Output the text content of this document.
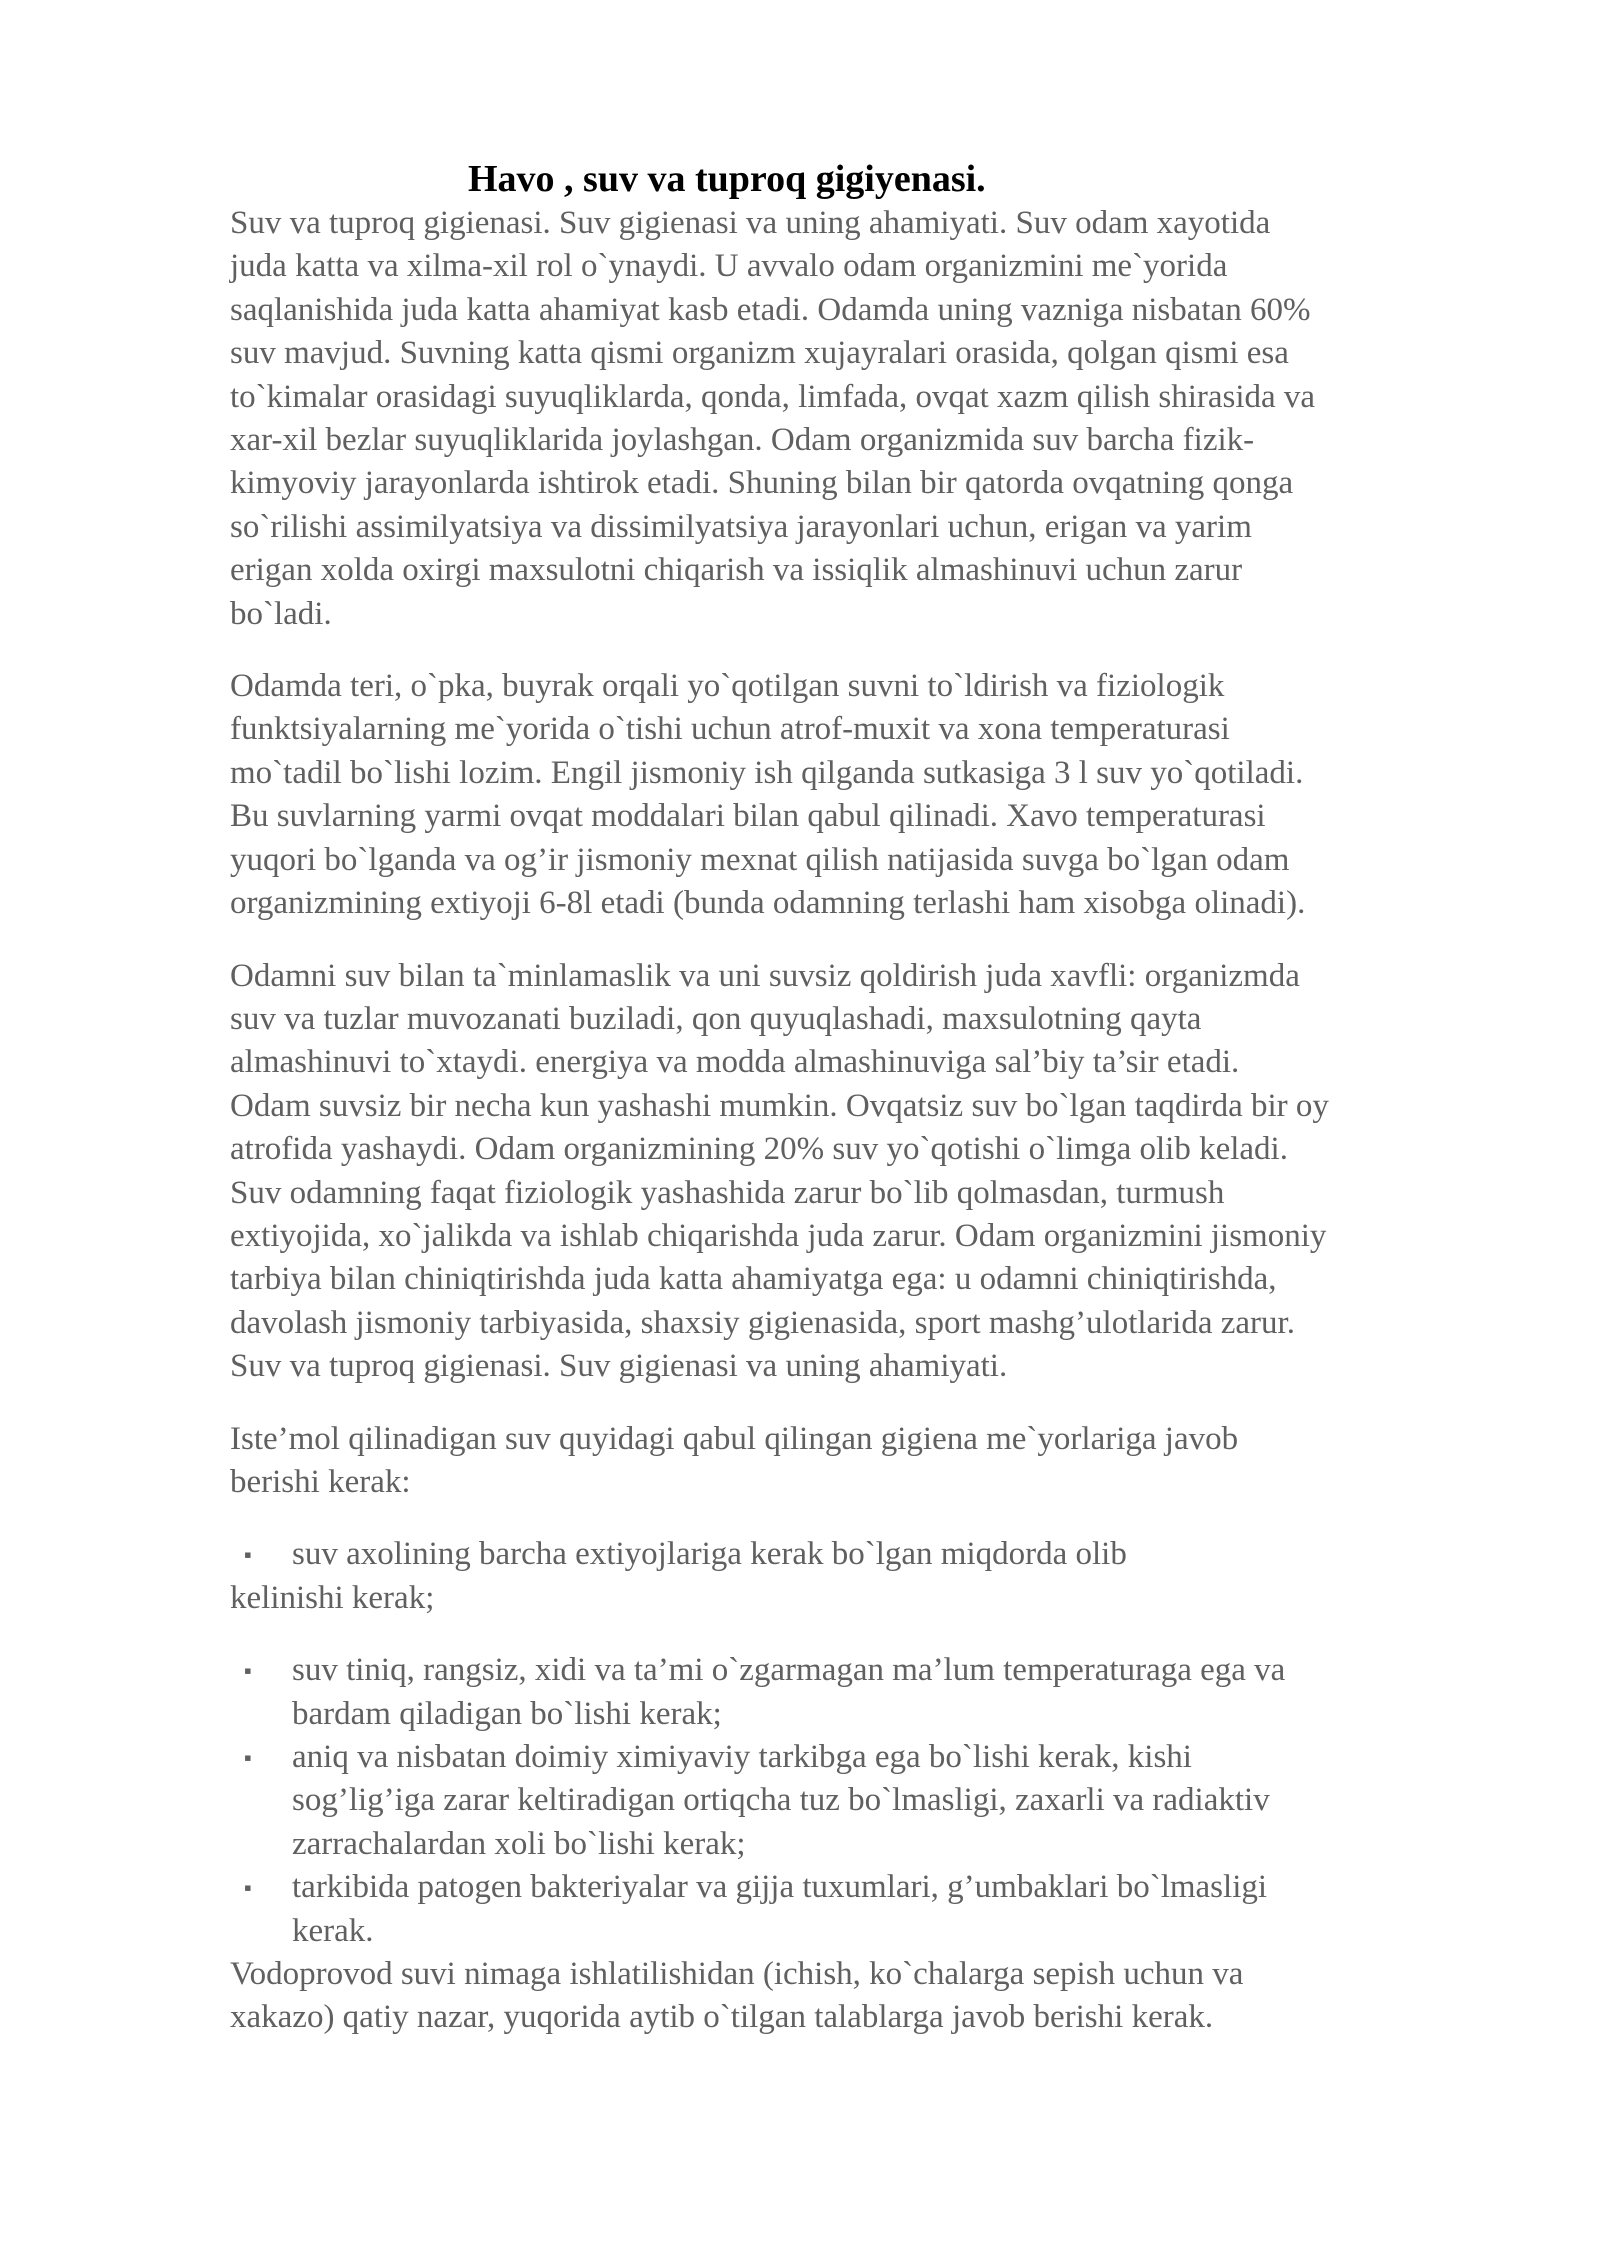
Havo , suv va tuproq gigiyenasi.

Suv va tuproq gigienasi. Suv gigienasi va uning ahamiyati. Suv odam xayotida
juda katta va xilma-xil rol o`ynaydi. U avvalo odam organizmini me`yorida
saqlanishida juda katta ahamiyat kasb etadi. Odamda uning vazniga nisbatan 60%
suv mavjud. Suvning katta qismi organizm xujayralari orasida, qolgan qismi esa
to`kimalar orasidagi suyuqliklarda, qonda, limfada, ovqat xazm qilish shirasida va
xar-xil bezlar suyuqliklarida joylashgan. Odam organizmida suv barcha fizik-
kimyoviy jarayonlarda ishtirok etadi. Shuning bilan bir qatorda ovqatning qonga
so`rilishi assimilyatsiya va dissimilyatsiya jarayonlari uchun, erigan va yarim
erigan xolda oxirgi maxsulotni chiqarish va issiqlik almashinuvi uchun zarur
bo`ladi.

Odamda teri, o`pka, buyrak orqali yo`qotilgan suvni to`ldirish va fiziologik
funktsiyalarning me`yorida o`tishi uchun atrof-muxit va xona temperaturasi
mo`tadil bo`lishi lozim. Engil jismoniy ish qilganda sutkasiga 3 l suv yo`qotiladi.
Bu suvlarning yarmi ovqat moddalari bilan qabul qilinadi. Xavo temperaturasi
yuqori bo`lganda va og’ir jismoniy mexnat qilish natijasida suvga bo`lgan odam
organizmining extiyoji 6-8l etadi (bunda odamning terlashi ham xisobga olinadi).

Odamni suv bilan ta`minlamaslik va uni suvsiz qoldirish juda xavfli: organizmda
suv va tuzlar muvozanati buziladi, qon quyuqlashadi, maxsulotning qayta
almashinuvi to`xtaydi. energiya va modda almashinuviga sal’biy ta’sir etadi.
Odam suvsiz bir necha kun yashashi mumkin. Ovqatsiz suv bo`lgan taqdirda bir oy
atrofida yashaydi. Odam organizmining 20% suv yo`qotishi o`limga olib keladi.
Suv odamning faqat fiziologik yashashida zarur bo`lib qolmasdan, turmush
extiyojida, xo`jalikda va ishlab chiqarishda juda zarur. Odam organizmini jismoniy
tarbiya bilan chiniqtirishda juda katta ahamiyatga ega: u odamni chiniqtirishda,
davolash jismoniy tarbiyasida, shaxsiy gigienasida, sport mashg’ulotlarida zarur.
Suv va tuproq gigienasi. Suv gigienasi va uning ahamiyati.

Iste’mol qilinadigan suv quyidagi qabul qilingan gigiena me`yorlariga javob
berishi kerak:

▪	suv axolining barcha extiyojlariga kerak bo`lgan miqdorda olib
kelinishi kerak;
▪ suv tiniq, rangsiz, xidi va ta’mi o`zgarmagan ma’lum temperaturaga ega va
bardam qiladigan bo`lishi kerak;
▪ aniq va nisbatan doimiy ximiyaviy tarkibga ega bo`lishi kerak, kishi
sog’lig’iga zarar keltiradigan ortiqcha tuz bo`lmasligi, zaxarli va radiaktiv
zarrachalardan xoli bo`lishi kerak;
▪ tarkibida patogen bakteriyalar va gijja tuxumlari, g’umbaklari bo`lmasligi
kerak.

Vodoprovod suvi nimaga ishlatilishidan (ichish, ko`chalarga sepish uchun va
xakazo) qatiy nazar, yuqorida aytib o`tilgan talablarga javob berishi kerak.
